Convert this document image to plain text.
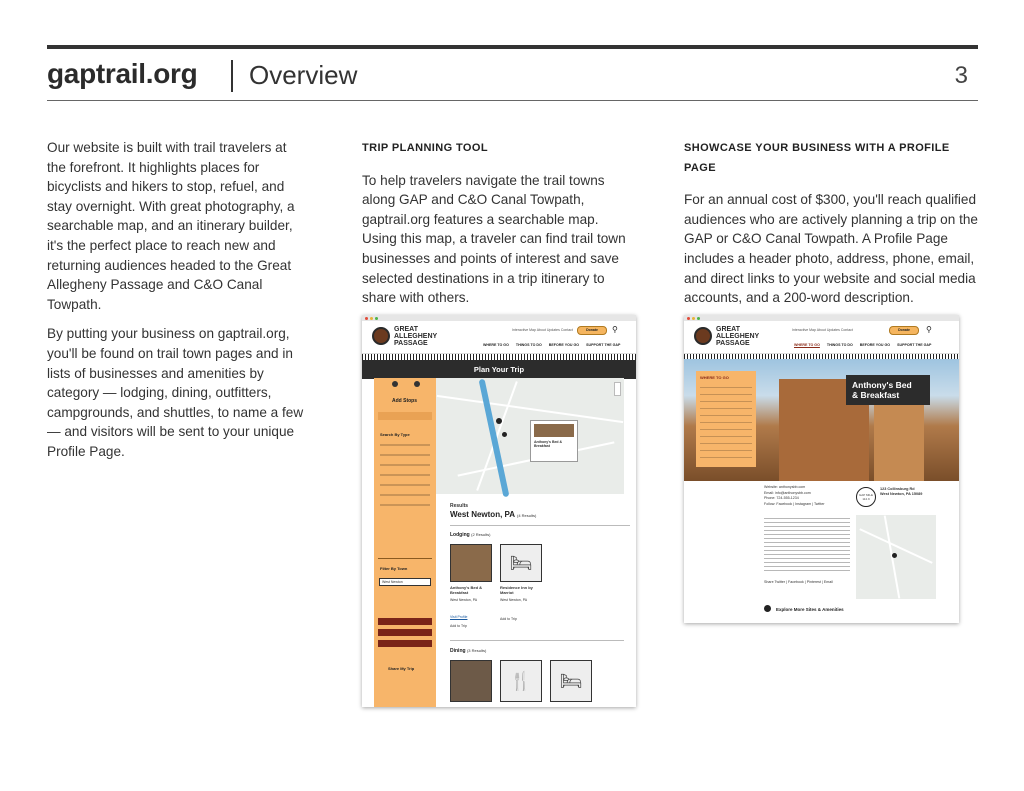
gaptrail.org Overview	3

Our website is built with trail travelers at the forefront. It highlights places for bicyclists and hikers to stop, refuel, and stay overnight. With great photography, a searchable map, and an itinerary builder, it's the perfect place to reach new and returning audiences headed to the Great Allegheny Passage and C&O Canal Towpath.

By putting your business on gaptrail.org, you'll be found on trail town pages and in lists of businesses and amenities by category — lodging, dining, outfitters, campgrounds, and shuttles, to name a few — and visitors will be sent to your unique Profile Page.

TRIP PLANNING TOOL
To help travelers navigate the trail towns along GAP and C&O Canal Towpath, gaptrail.org features a searchable map. Using this map, a traveler can find trail town businesses and points of interest and save selected destinations in a trip itinerary to share with others.
SHOWCASE YOUR BUSINESS WITH A PROFILE PAGE
For an annual cost of $300, you'll reach qualified audiences who are actively planning a trip on the GAP or C&O Canal Towpath. A Profile Page includes a header photo, address, phone, email, and direct links to your website and social media accounts, and a 200-word description.
GREAT ALLEGHENY PASSAGE
Interactive Map About Updates Contact	Donate	⚲
WHERE TO GO THINGS TO DO BEFORE YOU GO SUPPORT THE GAP
Plan Your Trip
Add Stops
Search By Type
Filter By Town
West Newton
Share My Trip
Anthony's Bed & Breakfast
Results
West Newton, PA (4 Results)
Lodging (2 Results)
🛏
Anthony's Bed & Breakfast
West Newton, PA
Visit Profile
Add to Trip
Residence Inn by Marriot
West Newton, PA
Add to Trip
Dining (3 Results)
🍴	🛏
GREAT ALLEGHENY PASSAGE
Interactive Map About Updates Contact	Donate	⚲
WHERE TO GO THINGS TO DO BEFORE YOU GO SUPPORT THE GAP
WHERE TO GO
Anthony's Bed
& Breakfast
Website: anthonysbb.com
Email: info@anthonysbb.com
Phone: 724-555-1234
Follow: Facebook | Instagram | Twitter
GAP MILE 112.9
123 Collinsburg Rd
West Newton, PA 15089
Share Twitter | Facebook | Pinterest | Email
Explore More Sites & Amenities
